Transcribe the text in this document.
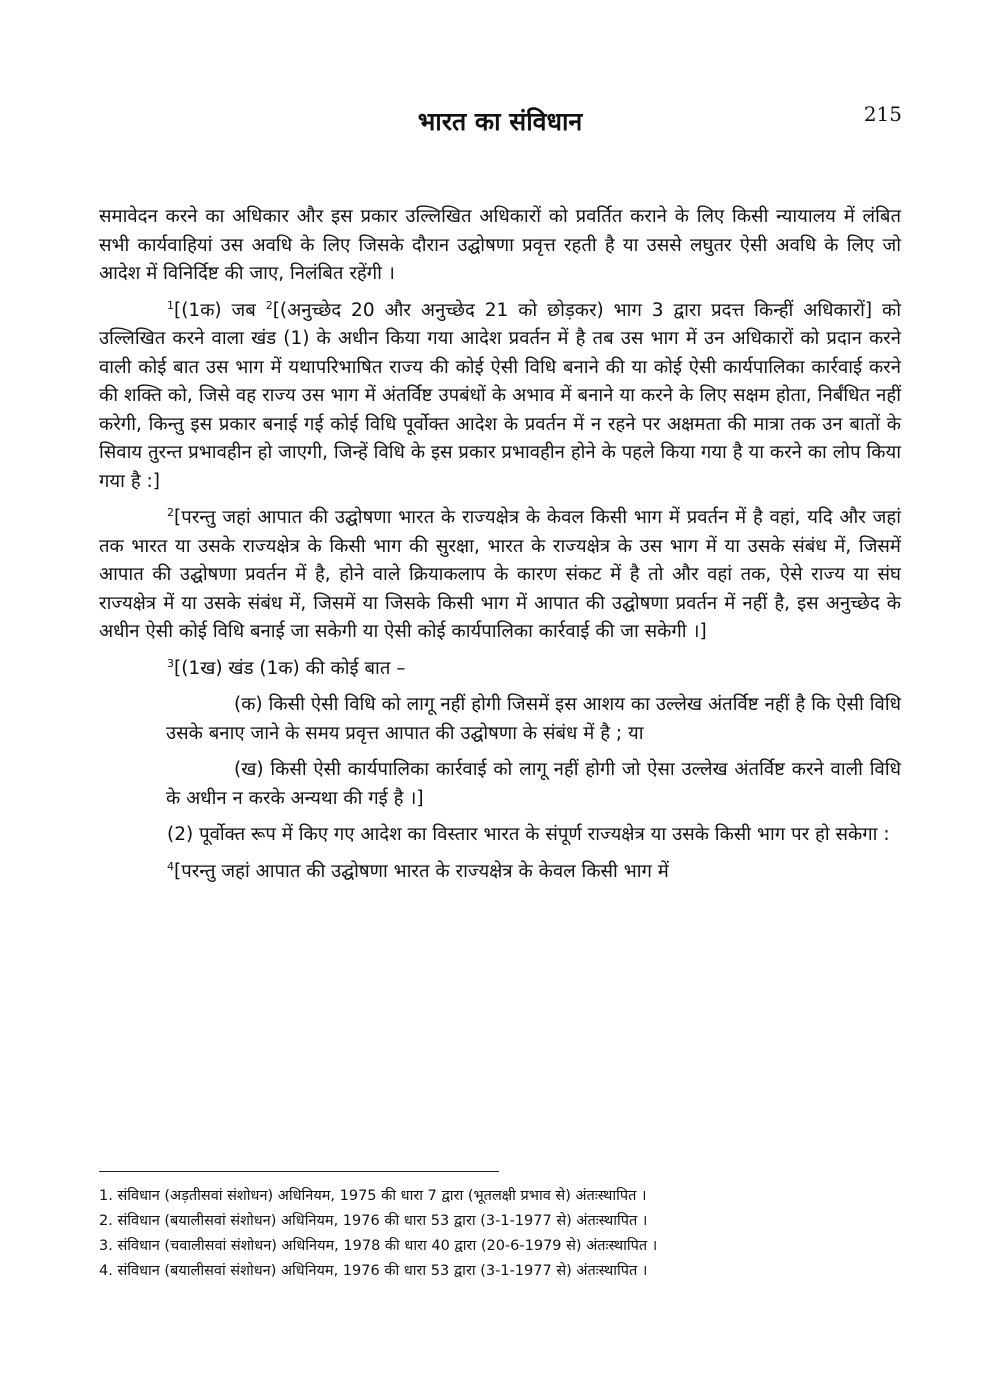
भारत का संविधान	215

समावेदन करने का अधिकार और इस प्रकार उल्लिखित अधिकारों को प्रवर्तित कराने के लिए किसी न्यायालय में लंबित सभी कार्यवाहियां उस अवधि के लिए जिसके दौरान उद्घोषणा प्रवृत्त रहती है या उससे लघुतर ऐसी अवधि के लिए जो आदेश में विनिर्दिष्ट की जाए, निलंबित रहेंगी ।

$^1$[(1क) जब $^2$[(अनुच्छेद 20 और अनुच्छेद 21 को छोड़कर) भाग 3 द्वारा प्रदत्त किन्हीं अधिकारों] को उल्लिखित करने वाला खंड (1) के अधीन किया गया आदेश प्रवर्तन में है तब उस भाग में उन अधिकारों को प्रदान करने वाली कोई बात उस भाग में यथापरिभाषित राज्य की कोई ऐसी विधि बनाने की या कोई ऐसी कार्यपालिका कार्रवाई करने की शक्ति को, जिसे वह राज्य उस भाग में अंतर्विष्ट उपबंधों के अभाव में बनाने या करने के लिए सक्षम होता, निर्बंधित नहीं करेगी, किन्तु इस प्रकार बनाई गई कोई विधि पूर्वोक्त आदेश के प्रवर्तन में न रहने पर अक्षमता की मात्रा तक उन बातों के सिवाय तुरन्त प्रभावहीन हो जाएगी, जिन्हें विधि के इस प्रकार प्रभावहीन होने के पहले किया गया है या करने का लोप किया गया है :]

$^2$[परन्तु जहां आपात की उद्घोषणा भारत के राज्यक्षेत्र के केवल किसी भाग में प्रवर्तन में है वहां, यदि और जहां तक भारत या उसके राज्यक्षेत्र के किसी भाग की सुरक्षा, भारत के राज्यक्षेत्र के उस भाग में या उसके संबंध में, जिसमें आपात की उद्घोषणा प्रवर्तन में है, होने वाले क्रियाकलाप के कारण संकट में है तो और वहां तक, ऐसे राज्य या संघ राज्यक्षेत्र में या उसके संबंध में, जिसमें या जिसके किसी भाग में आपात की उद्घोषणा प्रवर्तन में नहीं है, इस अनुच्छेद के अधीन ऐसी कोई विधि बनाई जा सकेगी या ऐसी कोई कार्यपालिका कार्रवाई की जा सकेगी ।]

$^3$[(1ख) खंड (1क) की कोई बात –

(क) किसी ऐसी विधि को लागू नहीं होगी जिसमें इस आशय का उल्लेख अंतर्विष्ट नहीं है कि ऐसी विधि उसके बनाए जाने के समय प्रवृत्त आपात की उद्घोषणा के संबंध में है ; या

(ख) किसी ऐसी कार्यपालिका कार्रवाई को लागू नहीं होगी जो ऐसा उल्लेख अंतर्विष्ट करने वाली विधि के अधीन न करके अन्यथा की गई है ।]

(2) पूर्वोक्त रूप में किए गए आदेश का विस्तार भारत के संपूर्ण राज्यक्षेत्र या उसके किसी भाग पर हो सकेगा :

$^4$[परन्तु जहां आपात की उद्घोषणा भारत के राज्यक्षेत्र के केवल किसी भाग में

1. संविधान (अड़तीसवां संशोधन) अधिनियम, 1975 की धारा 7 द्वारा (भूतलक्षी प्रभाव से) अंतःस्थापित ।
2. संविधान (बयालीसवां संशोधन) अधिनियम, 1976 की धारा 53 द्वारा (3-1-1977 से) अंतःस्थापित ।
3. संविधान (चवालीसवां संशोधन) अधिनियम, 1978 की धारा 40 द्वारा (20-6-1979 से) अंतःस्थापित ।
4. संविधान (बयालीसवां संशोधन) अधिनियम, 1976 की धारा 53 द्वारा (3-1-1977 से) अंतःस्थापित ।
